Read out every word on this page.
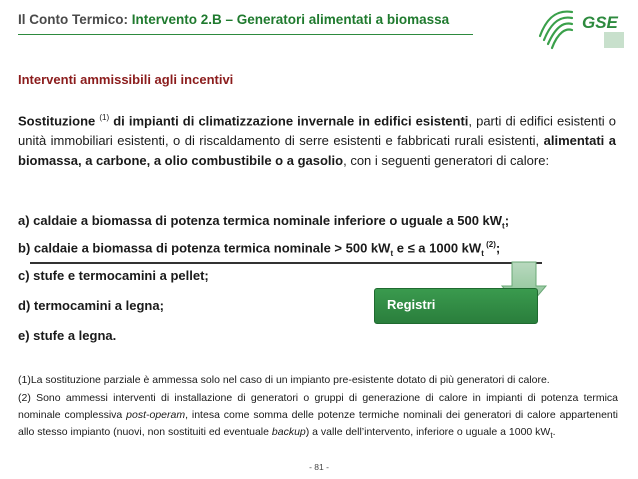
Il Conto Termico: Intervento 2.B – Generatori alimentati a biomassa	GSE
Interventi ammissibili agli incentivi
Sostituzione $^{(1)}$ di impianti di climatizzazione invernale in edifici esistenti, parti di edifici esistenti o unità immobiliari esistenti, o di riscaldamento di serre esistenti e fabbricati rurali esistenti, alimentati a biomassa, a carbone, a olio combustibile o a gasolio, con i seguenti generatori di calore:
a) caldaie a biomassa di potenza termica nominale inferiore o uguale a 500 $kW_t$;
b) caldaie a biomassa di potenza termica nominale > 500 $kW_t$ e ≤ a 1000 $kW_t$ $^{(2)}$;
c) stufe e termocamini a pellet;
d) termocamini a legna;	Registri
e) stufe a legna.
(1)La sostituzione parziale è ammessa solo nel caso di un impianto pre-esistente dotato di più generatori di calore.
(2) Sono ammessi interventi di installazione di generatori o gruppi di generazione di calore in impianti di potenza termica nominale complessiva post-operam, intesa come somma delle potenze termiche nominali dei generatori di calore appartenenti allo stesso impianto (nuovi, non sostituiti ed eventuale backup) a valle dell’intervento, inferiore o uguale a 1000 $kW_t$.
- 81 -
